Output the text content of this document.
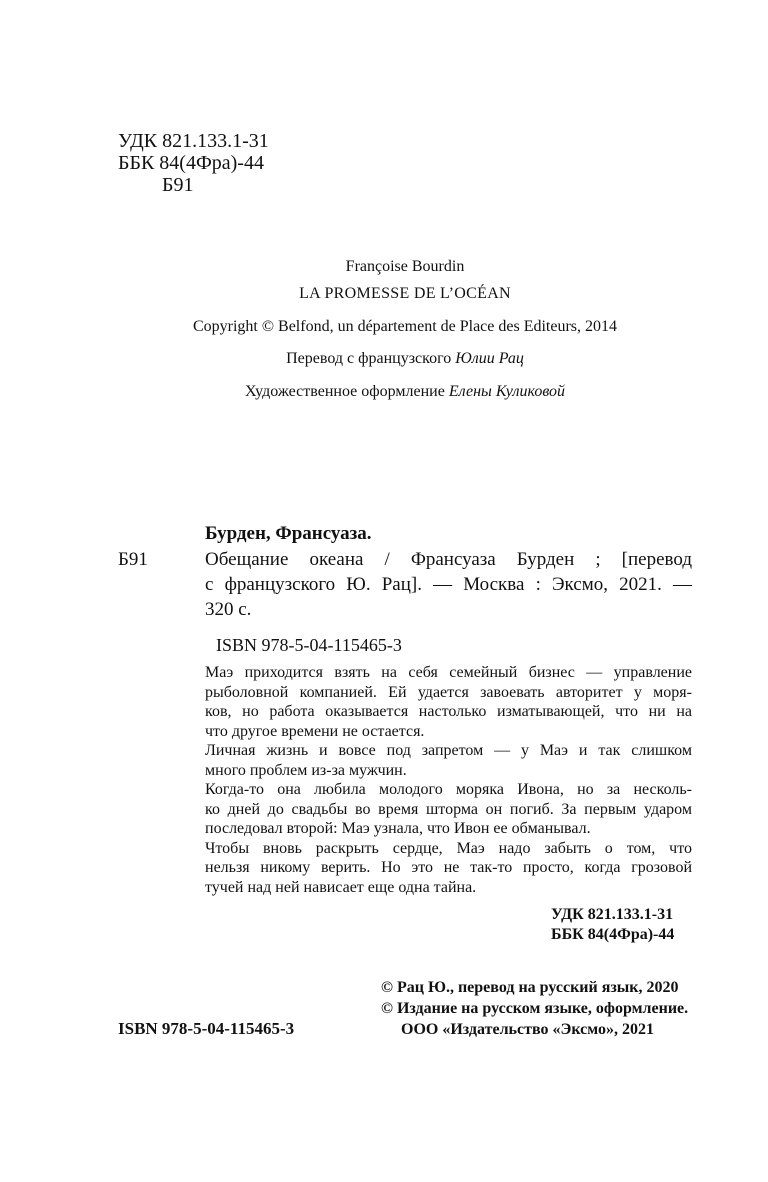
УДК 821.133.1-31
ББК 84(4Фра)-44
Б91
Françoise Bourdin
LA PROMESSE DE L’OCÉAN
Copyright © Belfond, un département de Place des Editeurs, 2014
Перевод с французского Юлии Рац
Художественное оформление Елены Куликовой
Бурден, Франсуаза.
Б91	Обещание океана / Франсуаза Бурден ; [перевод
с французского Ю. Рац]. — Москва : Эксмо, 2021. —
320 с.
ISBN 978-5-04-115465-3
Маэ приходится взять на себя семейный бизнес — управление
рыболовной компанией. Ей удается завоевать авторитет у моря-
ков, но работа оказывается настолько изматывающей, что ни на
что другое времени не остается.
Личная жизнь и вовсе под запретом — у Маэ и так слишком
много проблем из-за мужчин.
Когда-то она любила молодого моряка Ивона, но за несколь-
ко дней до свадьбы во время шторма он погиб. За первым ударом
последовал второй: Маэ узнала, что Ивон ее обманывал.
Чтобы вновь раскрыть сердце, Маэ надо забыть о том, что
нельзя никому верить. Но это не так-то просто, когда грозовой
тучей над ней нависает еще одна тайна.
УДК 821.133.1-31
ББК 84(4Фра)-44
© Рац Ю., перевод на русский язык, 2020
© Издание на русском языке, оформление.
ООО «Издательство «Эксмо», 2021
ISBN 978-5-04-115465-3
